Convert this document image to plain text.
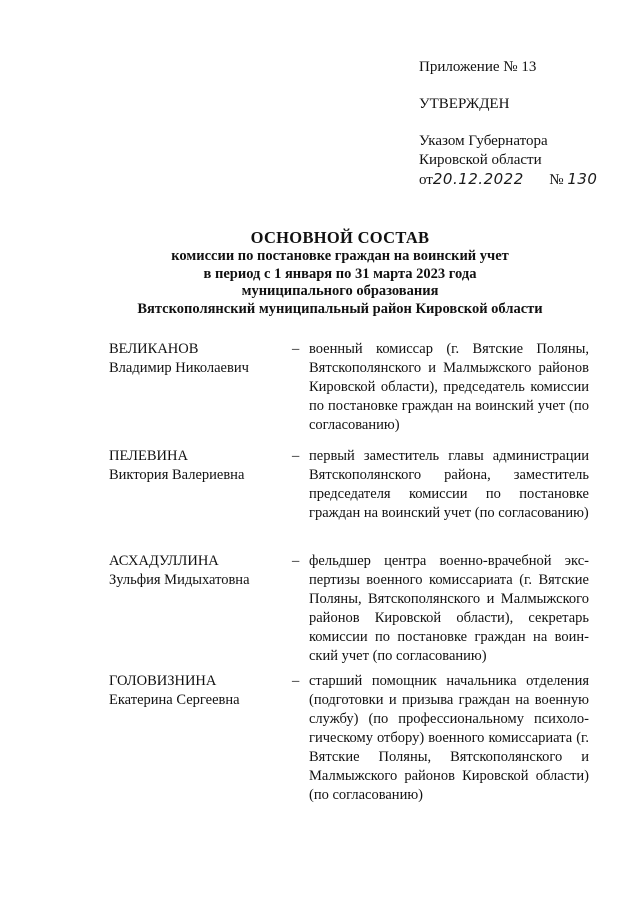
Приложение № 13
УТВЕРЖДЕН
Указом Губернатора
Кировской области
от20.12.2022 № 130
ОСНОВНОЙ СОСТАВ
комиссии по постановке граждан на воинский учет
в период с 1 января по 31 марта 2023 года
муниципального образования
Вятскополянский муниципальный район Кировской области
ВЕЛИКАНОВ
Владимир Николаевич
– военный комиссар (г. Вятские Поляны, Вятскополянского и Малмыжского районов Кировской области), председатель комиссии по постановке граждан на воинский учет (по согласованию)
ПЕЛЕВИНА
Виктория Валериевна
– первый заместитель главы администрации Вятскополянского района, заместитель председателя комиссии по постановке граждан на воинский учет (по согласованию)
АСХАДУЛЛИНА
Зульфия Мидыхатовна
– фельдшер центра военно-врачебной экспертизы военного комиссариата (г. Вятские Поляны, Вятскополянского и Малмыжского районов Кировской области), секретарь комиссии по постановке граждан на воинский учет (по согласованию)
ГОЛОВИЗНИНА
Екатерина Сергеевна
– старший помощник начальника отделения (подготовки и призыва граждан на военную службу) (по профессиональному психологическому отбору) военного комиссариата (г. Вятские Поляны, Вятскополянского и Малмыжского районов Кировской области) (по согласованию)
